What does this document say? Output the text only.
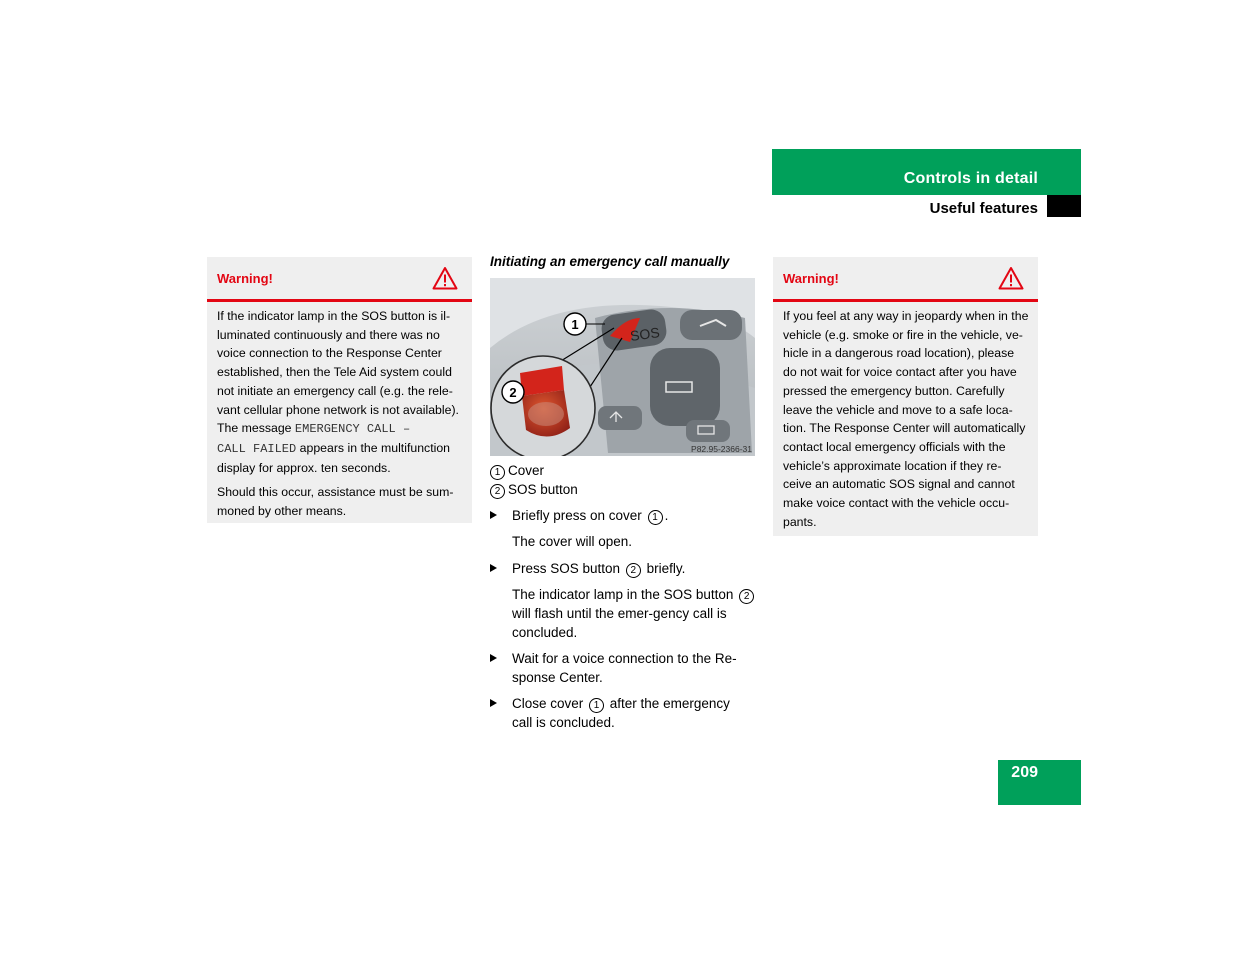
Controls in detail
Useful features
Warning!

If the indicator lamp in the SOS button is il-luminated continuously and there was no voice connection to the Response Center established, then the Tele Aid system could not initiate an emergency call (e.g. the rele-vant cellular phone network is not available). The message EMERGENCY CALL –
CALL FAILED appears in the multifunction display for approx. ten seconds.

Should this occur, assistance must be sum-moned by other means.

Initiating an emergency call manually
SOS
1
2
P82.95-2366-31
1 Cover
2 SOS button
Briefly press on cover 1 .
The cover will open.
Press SOS button 2 briefly.
The indicator lamp in the SOS button 2 will flash until the emer-gency call is concluded.
Wait for a voice connection to the Re-sponse Center.
Close cover 1 after the emergency call is concluded.
Warning!

If you feel at any way in jeopardy when in the vehicle (e.g. smoke or fire in the vehicle, ve-hicle in a dangerous road location), please do not wait for voice contact after you have pressed the emergency button. Carefully leave the vehicle and move to a safe loca-tion. The Response Center will automatically contact local emergency officials with the vehicle’s approximate location if they re-ceive an automatic SOS signal and cannot make voice contact with the vehicle occu-pants.

209
